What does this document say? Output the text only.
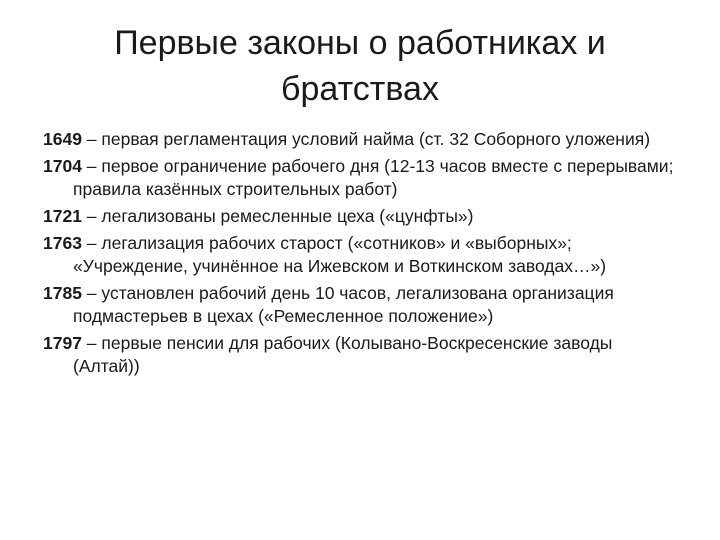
Первые законы о работниках и братствах
1649 – первая регламентация условий найма (ст. 32 Соборного уложения)
1704 – первое ограничение рабочего дня (12-13 часов вместе с перерывами; правила казённых строительных работ)
1721 – легализованы ремесленные цеха («цунфты»)
1763 – легализация рабочих старост («сотников» и «выборных»; «Учреждение, учинённое на Ижевском и Воткинском заводах…»)
1785 – установлен рабочий день 10 часов, легализована организация подмастерьев в цехах («Ремесленное положение»)
1797 – первые пенсии для рабочих (Колывано-Воскресенские заводы (Алтай))
